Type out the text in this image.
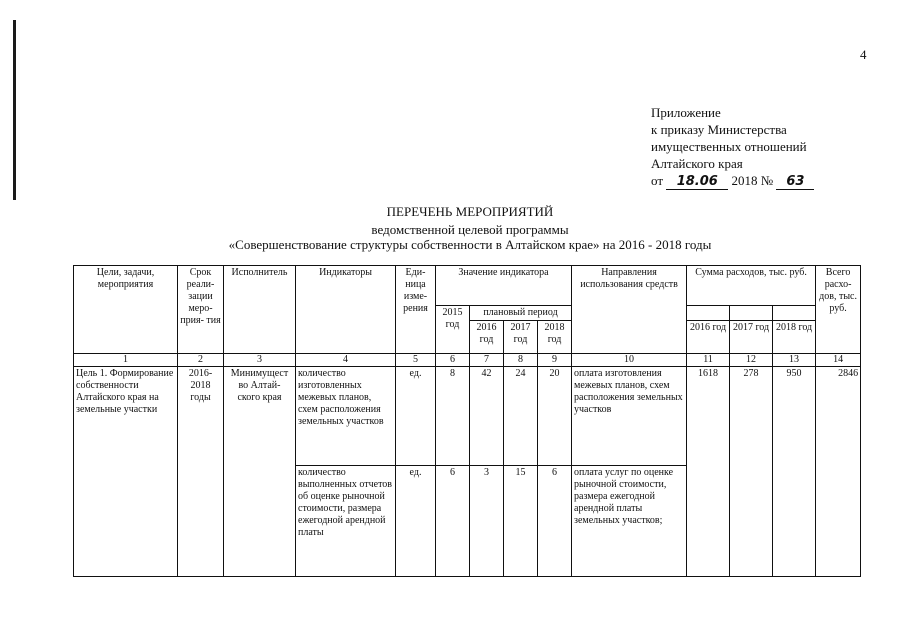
4
Приложение
к приказу Министерства
имущественных отношений
Алтайского края
от 18.06 2018 № 63
ПЕРЕЧЕНЬ МЕРОПРИЯТИЙ
ведомственной целевой программы
«Совершенствование структуры собственности в Алтайском крае» на 2016 - 2018 годы
Цели, задачи, мероприятия	Срок реали- зации меро- прия- тия	Исполнитель	Индикаторы	Еди- ница изме- рения	Значение индикатора				Направления использования средств	Сумма расходов, тыс. руб.			Всего расхо- дов, тыс. руб.
					2015 год	плановый период							
						2016 год	2017 год	2018 год		2016 год	2017 год	2018 год	
1	2	3	4	5	6	7	8	9	10	11	12	13	14
Цель 1. Формирование собственности Алтайского края на земельные участки	2016- 2018 годы	Минимущест во Алтай- ского края	количество изготовленных межевых планов, схем расположения земельных участков	ед.	8	42	24	20	оплата изготовления межевых планов, схем расположения земельных участков	1618	278	950	2846
			количество выполненных отчетов об оценке рыночной стоимости, размера ежегодной арендной платы	ед.	6	3	15	6	оплата услуг по оценке рыночной стоимости, размера ежегодной арендной платы земельных участков;				
